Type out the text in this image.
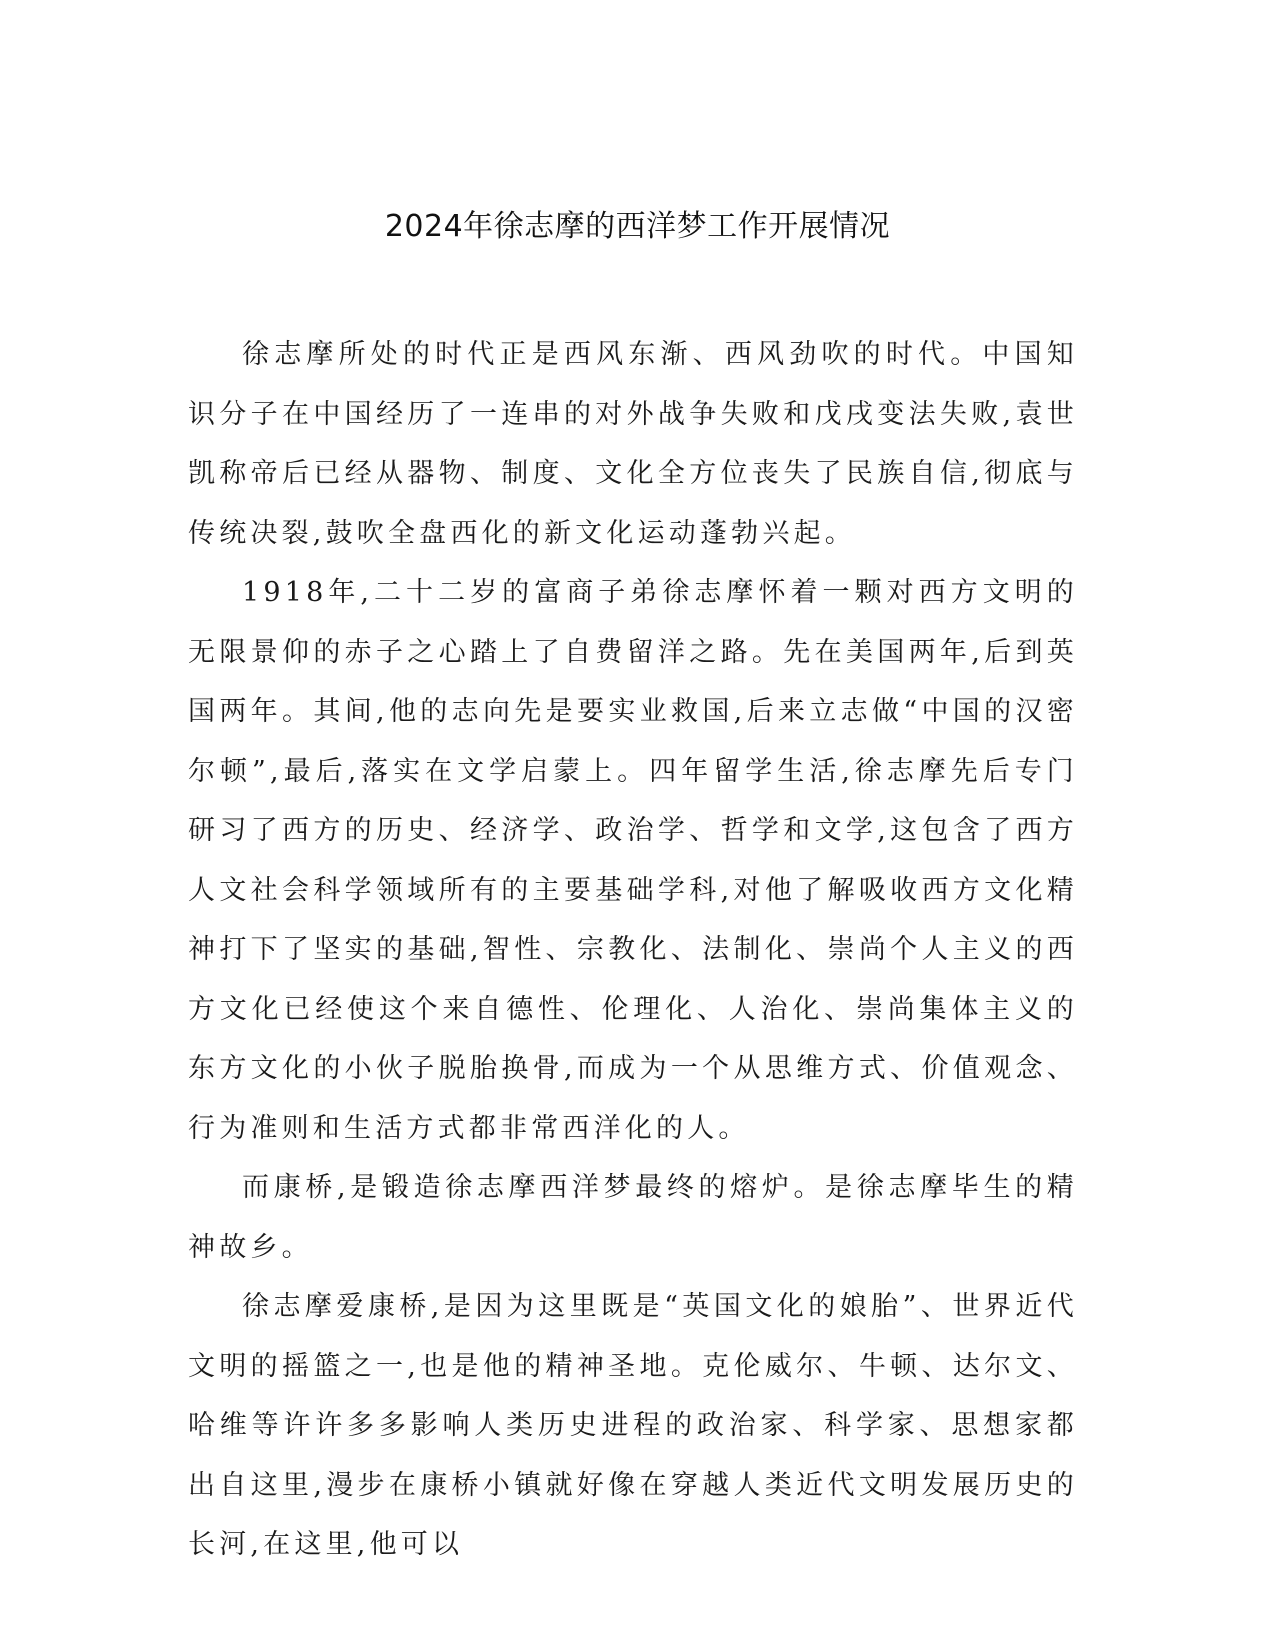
2024年徐志摩的西洋梦工作开展情况

徐志摩所处的时代正是西风东渐、西风劲吹的时代。中国知识分子在中国经历了一连串的对外战争失败和戊戌变法失败,袁世凯称帝后已经从器物、制度、文化全方位丧失了民族自信,彻底与传统决裂,鼓吹全盘西化的新文化运动蓬勃兴起。

1918年,二十二岁的富商子弟徐志摩怀着一颗对西方文明的无限景仰的赤子之心踏上了自费留洋之路。先在美国两年,后到英国两年。其间,他的志向先是要实业救国,后来立志做“中国的汉密尔顿”,最后,落实在文学启蒙上。四年留学生活,徐志摩先后专门研习了西方的历史、经济学、政治学、哲学和文学,这包含了西方人文社会科学领域所有的主要基础学科,对他了解吸收西方文化精神打下了坚实的基础,智性、宗教化、法制化、崇尚个人主义的西方文化已经使这个来自德性、伦理化、人治化、崇尚集体主义的东方文化的小伙子脱胎换骨,而成为一个从思维方式、价值观念、行为准则和生活方式都非常西洋化的人。

而康桥,是锻造徐志摩西洋梦最终的熔炉。是徐志摩毕生的精神故乡。

徐志摩爱康桥,是因为这里既是“英国文化的娘胎”、世界近代文明的摇篮之一,也是他的精神圣地。克伦威尔、牛顿、达尔文、哈维等许许多多影响人类历史进程的政治家、科学家、思想家都出自这里,漫步在康桥小镇就好像在穿越人类近代文明发展历史的长河,在这里,他可以
